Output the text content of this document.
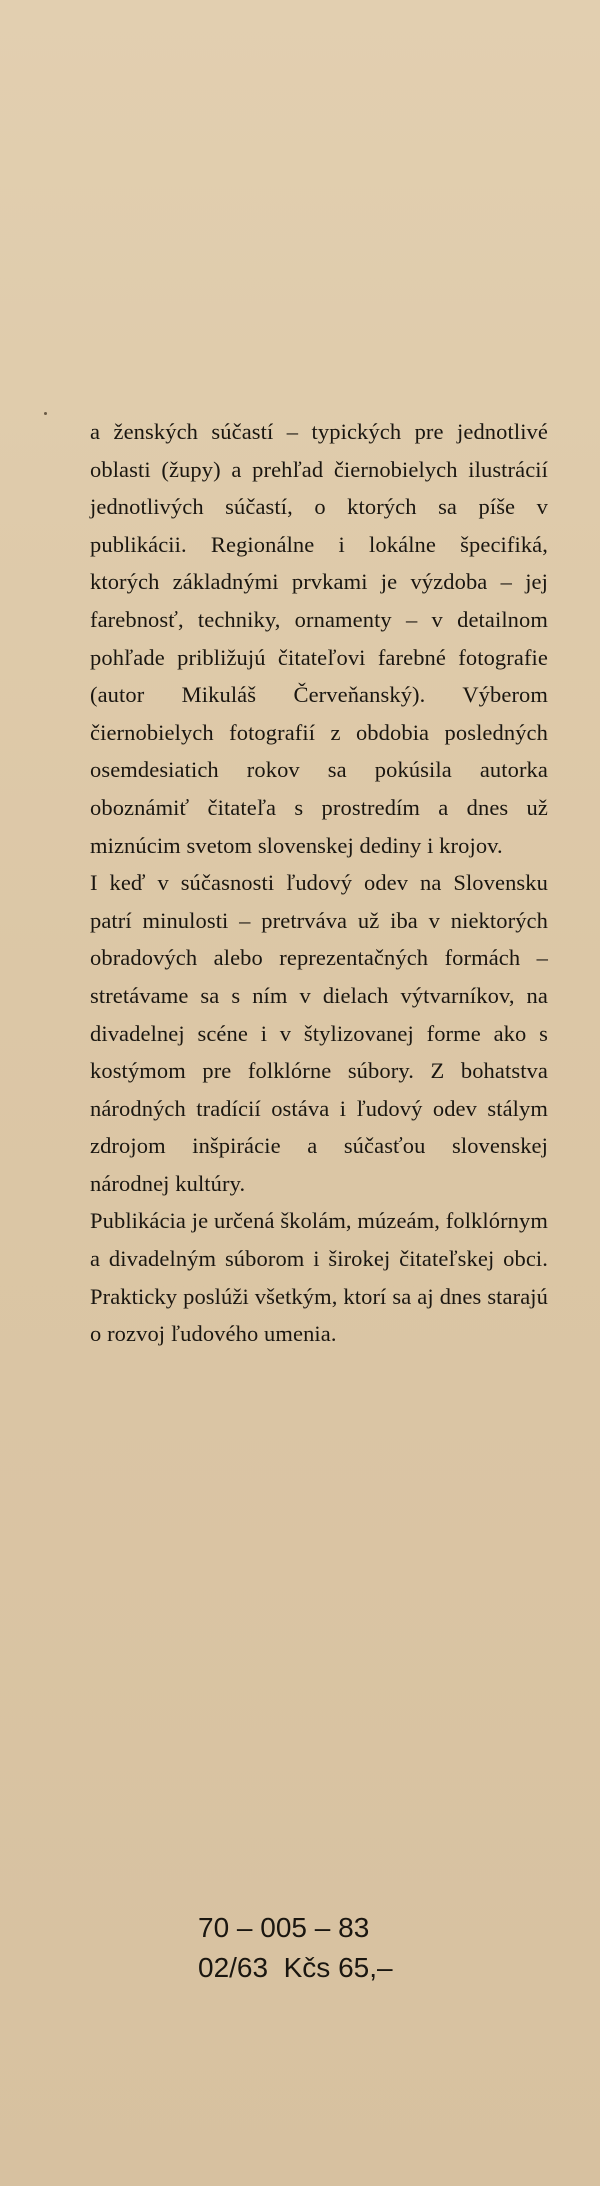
a ženských súčastí – typických pre jednotlivé oblasti (župy) a prehľad čiernobielych ilustrácií jednotlivých súčastí, o ktorých sa píše v publikácii. Regionálne i lokálne špecifiká, ktorých základnými prvkami je výzdoba – jej farebnosť, techniky, ornamenty – v detailnom pohľade približujú čitateľovi farebné fotografie (autor Mikuláš Červeňanský). Výberom čiernobielych fotografií z obdobia posledných osemdesiatich rokov sa pokúsila autorka oboznámiť čitateľa s prostredím a dnes už miznúcim svetom slovenskej dediny i krojov.

I keď v súčasnosti ľudový odev na Slovensku patrí minulosti – pretrváva už iba v niektorých obradových alebo reprezentačných formách – stretávame sa s ním v dielach výtvarníkov, na divadelnej scéne i v štylizovanej forme ako s kostýmom pre folklórne súbory. Z bohatstva národných tradícií ostáva i ľudový odev stálym zdrojom inšpirácie a súčasťou slovenskej národnej kultúry.

Publikácia je určená školám, múzeám, folklórnym a divadelným súborom i širokej čitateľskej obci. Prakticky poslúži všetkým, ktorí sa aj dnes starajú o rozvoj ľudového umenia.

70 – 005 – 83
02/63  Kčs 65,–
